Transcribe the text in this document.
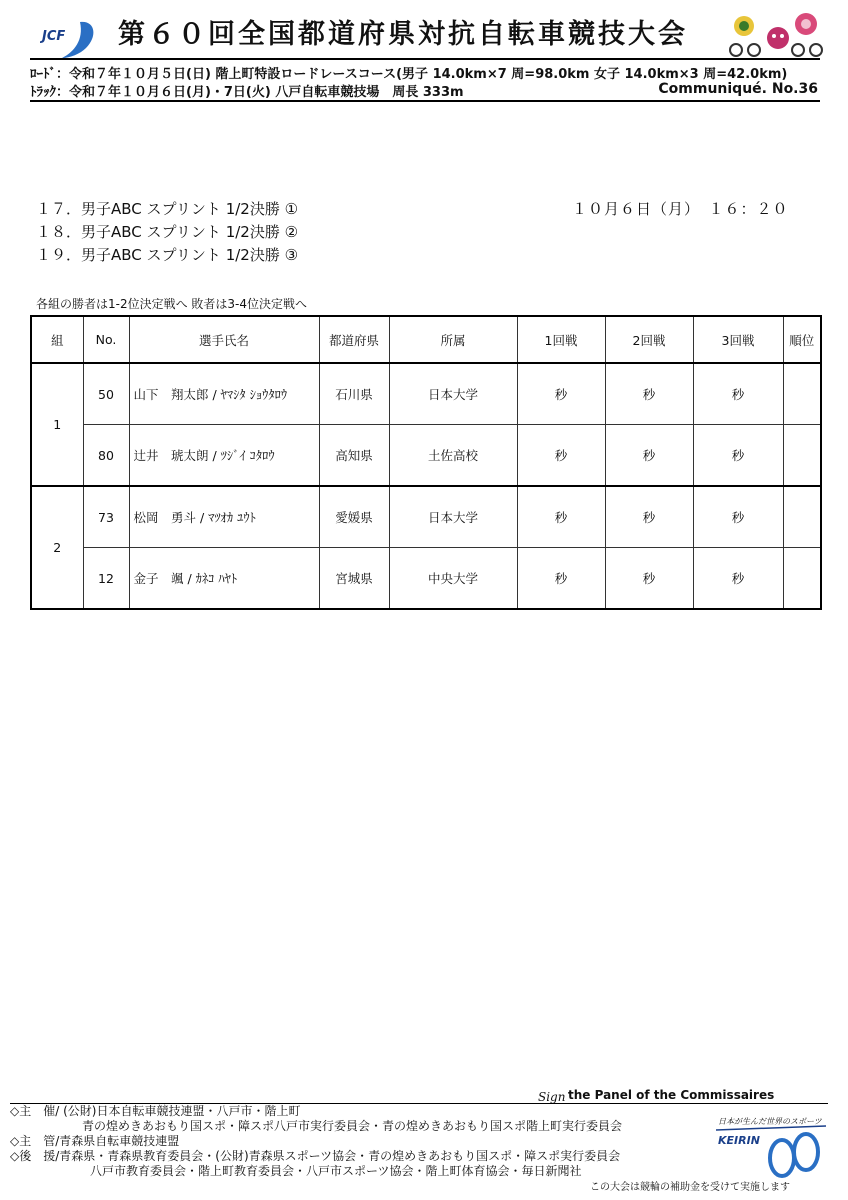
JCF 第６０回全国都道府県対抗自転車競技大会
ﾛｰﾄﾞ：令和７年１０月５日(日) 階上町特設ロードレースコース(男子 14.0km×7 周=98.0km 女子 14.0km×3 周=42.0km)
ﾄﾗｯｸ：令和７年１０月６日(月)・7日(火) 八戸自転車競技場　周長 333m	Communiqué. No.36
１７．男子ABC スプリント 1/2決勝 ①
１８．男子ABC スプリント 1/2決勝 ②
１９．男子ABC スプリント 1/2決勝 ③
１０月６日（月）　１６：２０
各組の勝者は1-2位決定戦へ 敗者は3-4位決定戦へ
組	No.	選手氏名	都道府県	所属	1回戦	2回戦	3回戦	順位
1	50	山下　翔太郎 / ﾔﾏｼﾀ ｼｮｳﾀﾛｳ	石川県	日本大学	秒	秒	秒	
	80	辻井　琥太朗 / ﾂｼﾞｲ ｺﾀﾛｳ	高知県	土佐高校	秒	秒	秒	
2	73	松岡　勇斗 / ﾏﾂｵｶ ﾕｳﾄ	愛媛県	日本大学	秒	秒	秒	
	12	金子　颯 / ｶﾈｺ ﾊﾔﾄ	宮城県	中央大学	秒	秒	秒	
Sign the Panel of the Commissaires
◇主　催/ (公財)日本自転車競技連盟・八戸市・階上町
青の煌めきあおもり国スポ・障スポ八戸市実行委員会・青の煌めきあおもり国スポ階上町実行委員会
◇主　管/青森県自転車競技連盟
◇後　援/青森県・青森県教育委員会・(公財)青森県スポーツ協会・青の煌めきあおもり国スポ・障スポ実行委員会
八戸市教育委員会・階上町教育委員会・八戸市スポーツ協会・階上町体育協会・毎日新聞社
日本が生んだ世界のスポーツ
KEIRIN
この大会は競輪の補助金を受けて実施します
